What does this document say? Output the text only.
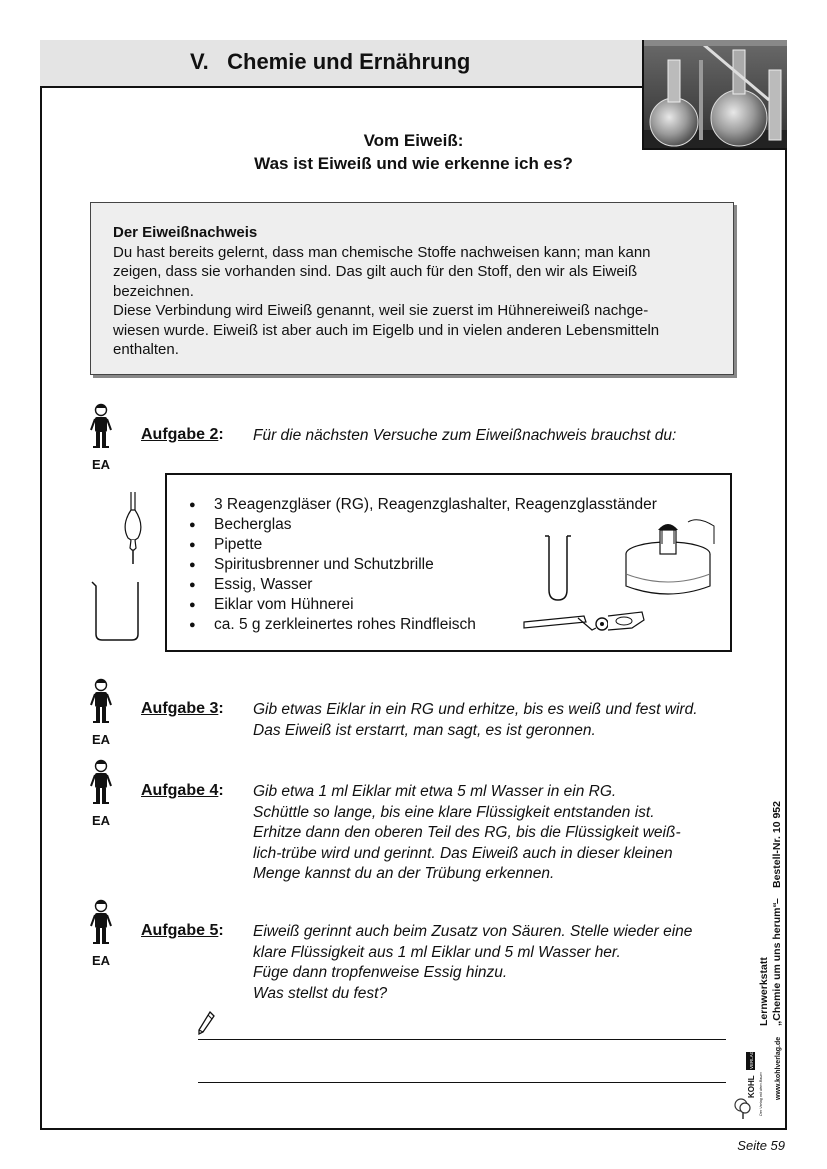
V. Chemie und Ernährung
Vom Eiweiß:
Was ist Eiweiß und wie erkenne ich es?
Der Eiweißnachweis
Du hast bereits gelernt, dass man chemische Stoffe nachweisen kann; man kann
zeigen, dass sie vorhanden sind. Das gilt auch für den Stoff, den wir als Eiweiß
bezeichnen.
Diese Verbindung wird Eiweiß genannt, weil sie zuerst im Hühnereiweiß nachge-
wiesen wurde. Eiweiß ist aber auch im Eigelb und in vielen anderen Lebensmitteln
enthalten.
EA
Aufgabe 2: Für die nächsten Versuche zum Eiweißnachweis brauchst du:
● 3 Reagenzgläser (RG), Reagenzglashalter, Reagenzglasständer
● Becherglas
● Pipette
● Spiritusbrenner und Schutzbrille
● Essig, Wasser
● Eiklar vom Hühnerei
● ca. 5 g zerkleinertes rohes Rindfleisch
EA
Aufgabe 3: Gib etwas Eiklar in ein RG und erhitze, bis es weiß und fest wird.
Das Eiweiß ist erstarrt, man sagt, es ist geronnen.
EA
Aufgabe 4: Gib etwa 1 ml Eiklar mit etwa 5 ml Wasser in ein RG.
Schüttle so lange, bis eine klare Flüssigkeit entstanden ist.
Erhitze dann den oberen Teil des RG, bis die Flüssigkeit weiß-
lich-trübe wird und gerinnt. Das Eiweiß auch in dieser kleinen
Menge kannst du an der Trübung erkennen.
EA
Aufgabe 5: Eiweiß gerinnt auch beim Zusatz von Säuren. Stelle wieder eine
klare Flüssigkeit aus 1 ml Eiklar und 5 ml Wasser her.
Füge dann tropfenweise Essig hinzu.
Was stellst du fest?
Bestell-Nr. 10 952
–
„Chemie um uns herum“
Lernwerkstatt
www.kohlverlag.de
KOHL
VERLAG
Der Verlag mit dem Baum
Seite 59
